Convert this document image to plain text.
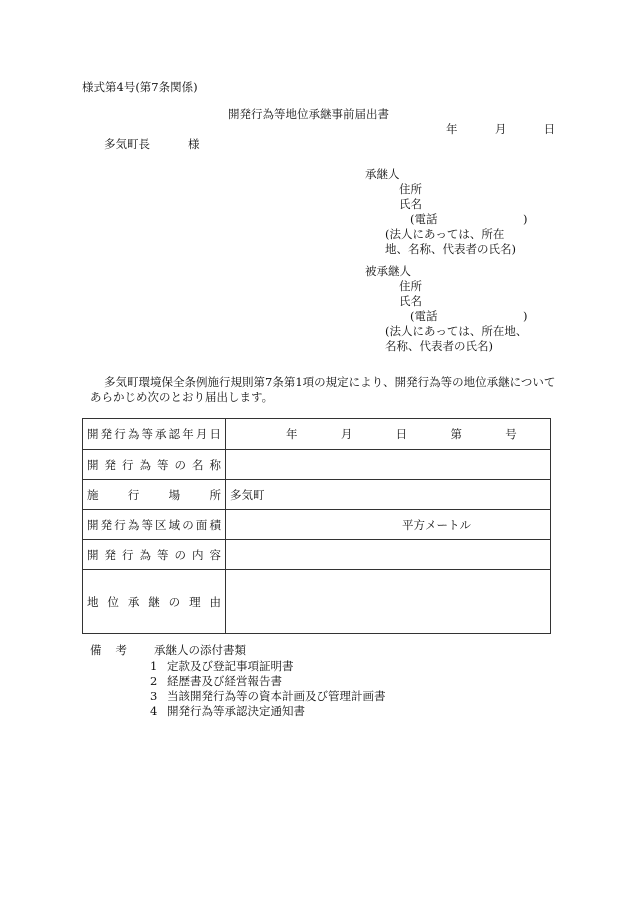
様式第4号(第7条関係)
開発行為等地位承継事前届出書
年	月	日
多気町長	様
承継人
住所
氏名
(電話	)
(法人にあっては、所在
地、名称、代表者の氏名)
被承継人
住所
氏名
(電話	)
(法人にあっては、所在地、
名称、代表者の氏名)
多気町環境保全条例施行規則第7条第1項の規定により、開発行為等の地位承継について あらかじめ次のとおり届出します。
開発行為等承認年月日	年 月 日 第 号
開発行為等の名称	
施行場所	多気町
開発行為等区域の面積	平方メートル
開発行為等の内容	
地位承継の理由	
備 考 承継人の添付書類
1 定款及び登記事項証明書
2 経歴書及び経営報告書
3 当該開発行為等の資本計画及び管理計画書
4 開発行為等承認決定通知書
